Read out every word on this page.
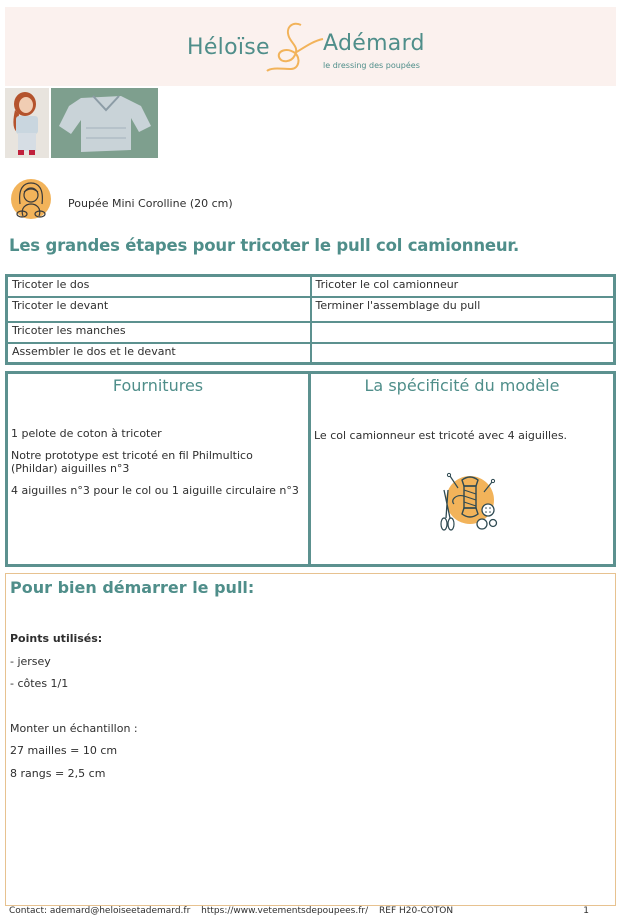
Héloïse Adémard
le dressing des poupées
Poupée Mini Corolline (20 cm)
Les grandes étapes pour tricoter le pull col camionneur.
Tricoter le dos	Tricoter le col camionneur
Tricoter le devant	Terminer l'assemblage du pull
Tricoter les manches	
Assembler le dos et le devant	
Fournitures

1 pelote de coton à tricoter

Notre prototype est tricoté en fil Philmultico (Phildar) aiguilles n°3

4 aiguilles n°3 pour le col ou 1 aiguille circulaire n°3

La spécificité du modèle
Le col camionneur est tricoté avec 4 aiguilles.
Pour bien démarrer le pull:
Points utilisés:
- jersey
- côtes 1/1
Monter un échantillon :
27 mailles = 10 cm
8 rangs = 2,5 cm
Contact: ademard@heloiseetademard.fr https://www.vetementsdepoupees.fr/ REF H20-COTON	1
